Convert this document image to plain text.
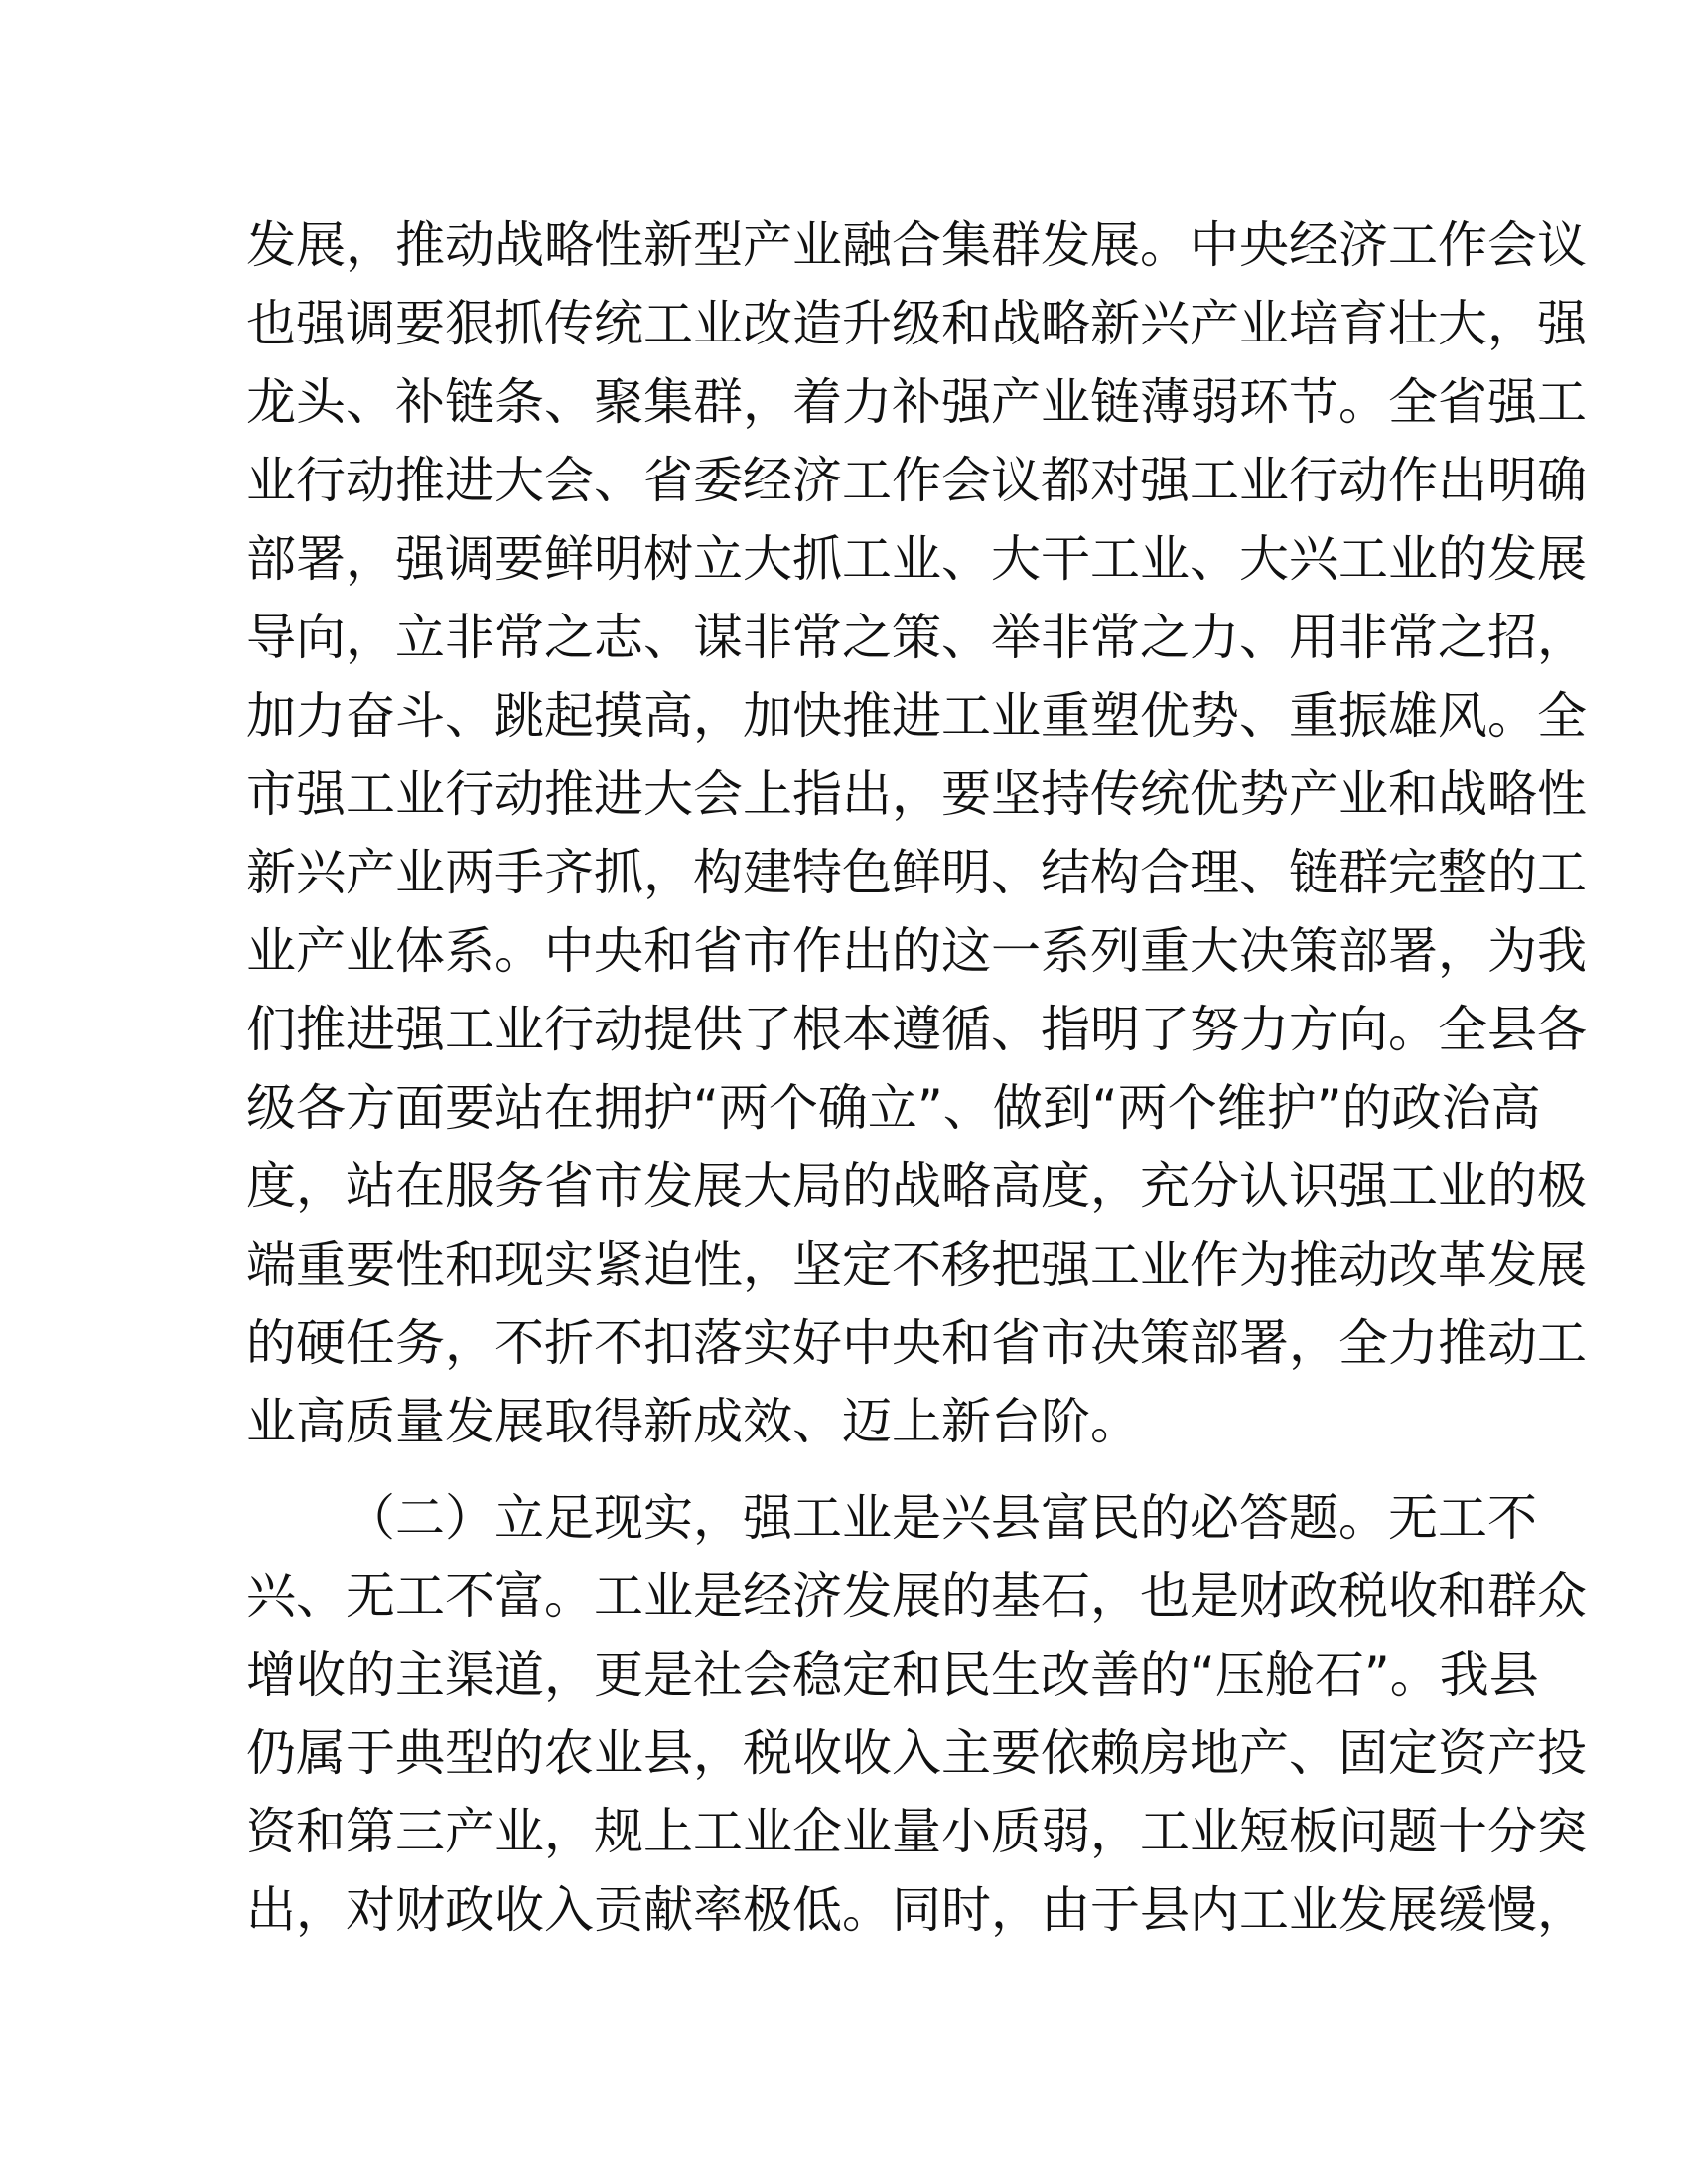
发展，推动战略性新型产业融合集群发展。中央经济工作会议
也强调要狠抓传统工业改造升级和战略新兴产业培育壮大，强
龙头、补链条、聚集群，着力补强产业链薄弱环节。全省强工
业行动推进大会、省委经济工作会议都对强工业行动作出明确
部署，强调要鲜明树立大抓工业、大干工业、大兴工业的发展
导向，立非常之志、谋非常之策、举非常之力、用非常之招，
加力奋斗、跳起摸高，加快推进工业重塑优势、重振雄风。全
市强工业行动推进大会上指出，要坚持传统优势产业和战略性
新兴产业两手齐抓，构建特色鲜明、结构合理、链群完整的工
业产业体系。中央和省市作出的这一系列重大决策部署，为我
们推进强工业行动提供了根本遵循、指明了努力方向。全县各
级各方面要站在拥护“两个确立”、做到“两个维护”的政治高
度，站在服务省市发展大局的战略高度，充分认识强工业的极
端重要性和现实紧迫性，坚定不移把强工业作为推动改革发展
的硬任务，不折不扣落实好中央和省市决策部署，全力推动工
业高质量发展取得新成效、迈上新台阶。
（二）立足现实，强工业是兴县富民的必答题。无工不
兴、无工不富。工业是经济发展的基石，也是财政税收和群众
增收的主渠道，更是社会稳定和民生改善的“压舱石”。我县
仍属于典型的农业县，税收收入主要依赖房地产、固定资产投
资和第三产业，规上工业企业量小质弱，工业短板问题十分突
出，对财政收入贡献率极低。同时，由于县内工业发展缓慢，
